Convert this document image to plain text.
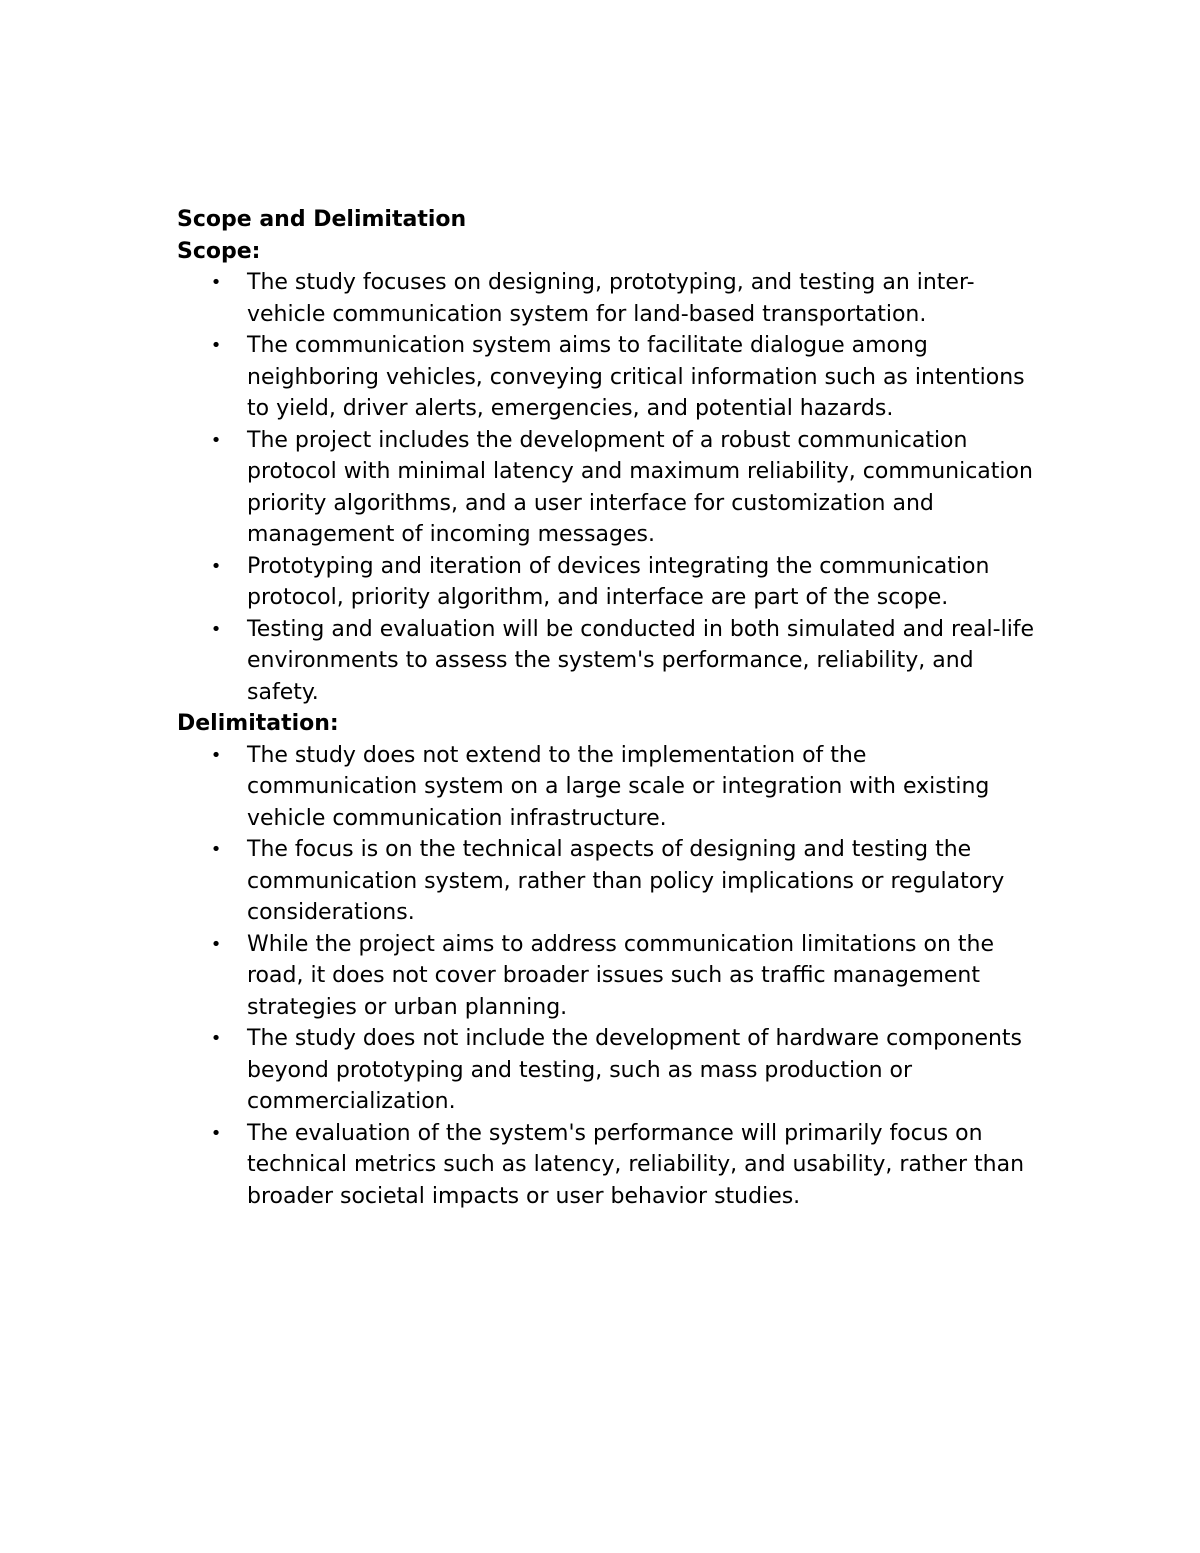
Scope and Delimitation
Scope:
•
The study focuses on designing, prototyping, and testing an inter-vehicle communication system for land-based transportation.
•
The communication system aims to facilitate dialogue among neighboring vehicles, conveying critical information such as intentions to yield, driver alerts, emergencies, and potential hazards.
•
The project includes the development of a robust communication protocol with minimal latency and maximum reliability, communication priority algorithms, and a user interface for customization and management of incoming messages.
•
Prototyping and iteration of devices integrating the communication protocol, priority algorithm, and interface are part of the scope.
•
Testing and evaluation will be conducted in both simulated and real-life environments to assess the system's performance, reliability, and safety.
Delimitation:
•
The study does not extend to the implementation of the communication system on a large scale or integration with existing vehicle communication infrastructure.
•
The focus is on the technical aspects of designing and testing the communication system, rather than policy implications or regulatory considerations.
•
While the project aims to address communication limitations on the road, it does not cover broader issues such as traffic management strategies or urban planning.
•
The study does not include the development of hardware components beyond prototyping and testing, such as mass production or commercialization.
•
The evaluation of the system's performance will primarily focus on technical metrics such as latency, reliability, and usability, rather than broader societal impacts or user behavior studies.
